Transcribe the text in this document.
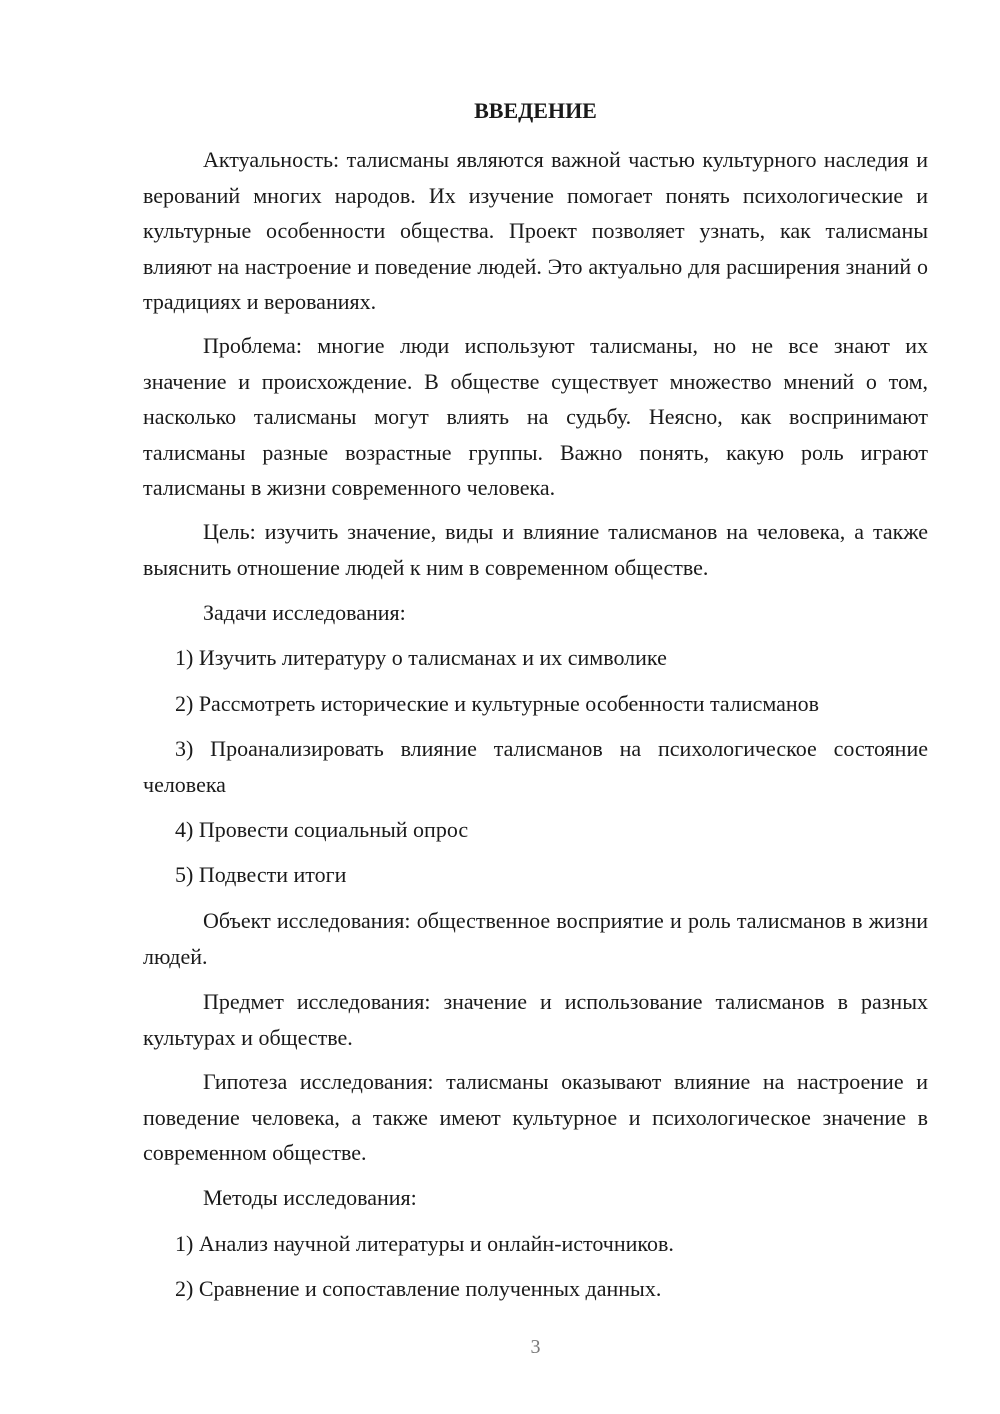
ВВЕДЕНИЕ

Актуальность: талисманы являются важной частью культурного наследия и верований многих народов. Их изучение помогает понять психологические и культурные особенности общества. Проект позволяет узнать, как талисманы влияют на настроение и поведение людей. Это актуально для расширения знаний о традициях и верованиях.

Проблема: многие люди используют талисманы, но не все знают их значение и происхождение. В обществе существует множество мнений о том, насколько талисманы могут влиять на судьбу. Неясно, как воспринимают талисманы разные возрастные группы. Важно понять, какую роль играют талисманы в жизни современного человека.

Цель: изучить значение, виды и влияние талисманов на человека, а также выяснить отношение людей к ним в современном обществе.

Задачи исследования:

1) Изучить литературу о талисманах и их символике

2) Рассмотреть исторические и культурные особенности талисманов

3) Проанализировать влияние талисманов на психологическое состояние человека

4) Провести социальный опрос

5) Подвести итоги

Объект исследования: общественное восприятие и роль талисманов в жизни людей.

Предмет исследования: значение и использование талисманов в разных культурах и обществе.

Гипотеза исследования: талисманы оказывают влияние на настроение и поведение человека, а также имеют культурное и психологическое значение в современном обществе.

Методы исследования:

1) Анализ научной литературы и онлайн-источников.

2) Сравнение и сопоставление полученных данных.

3
